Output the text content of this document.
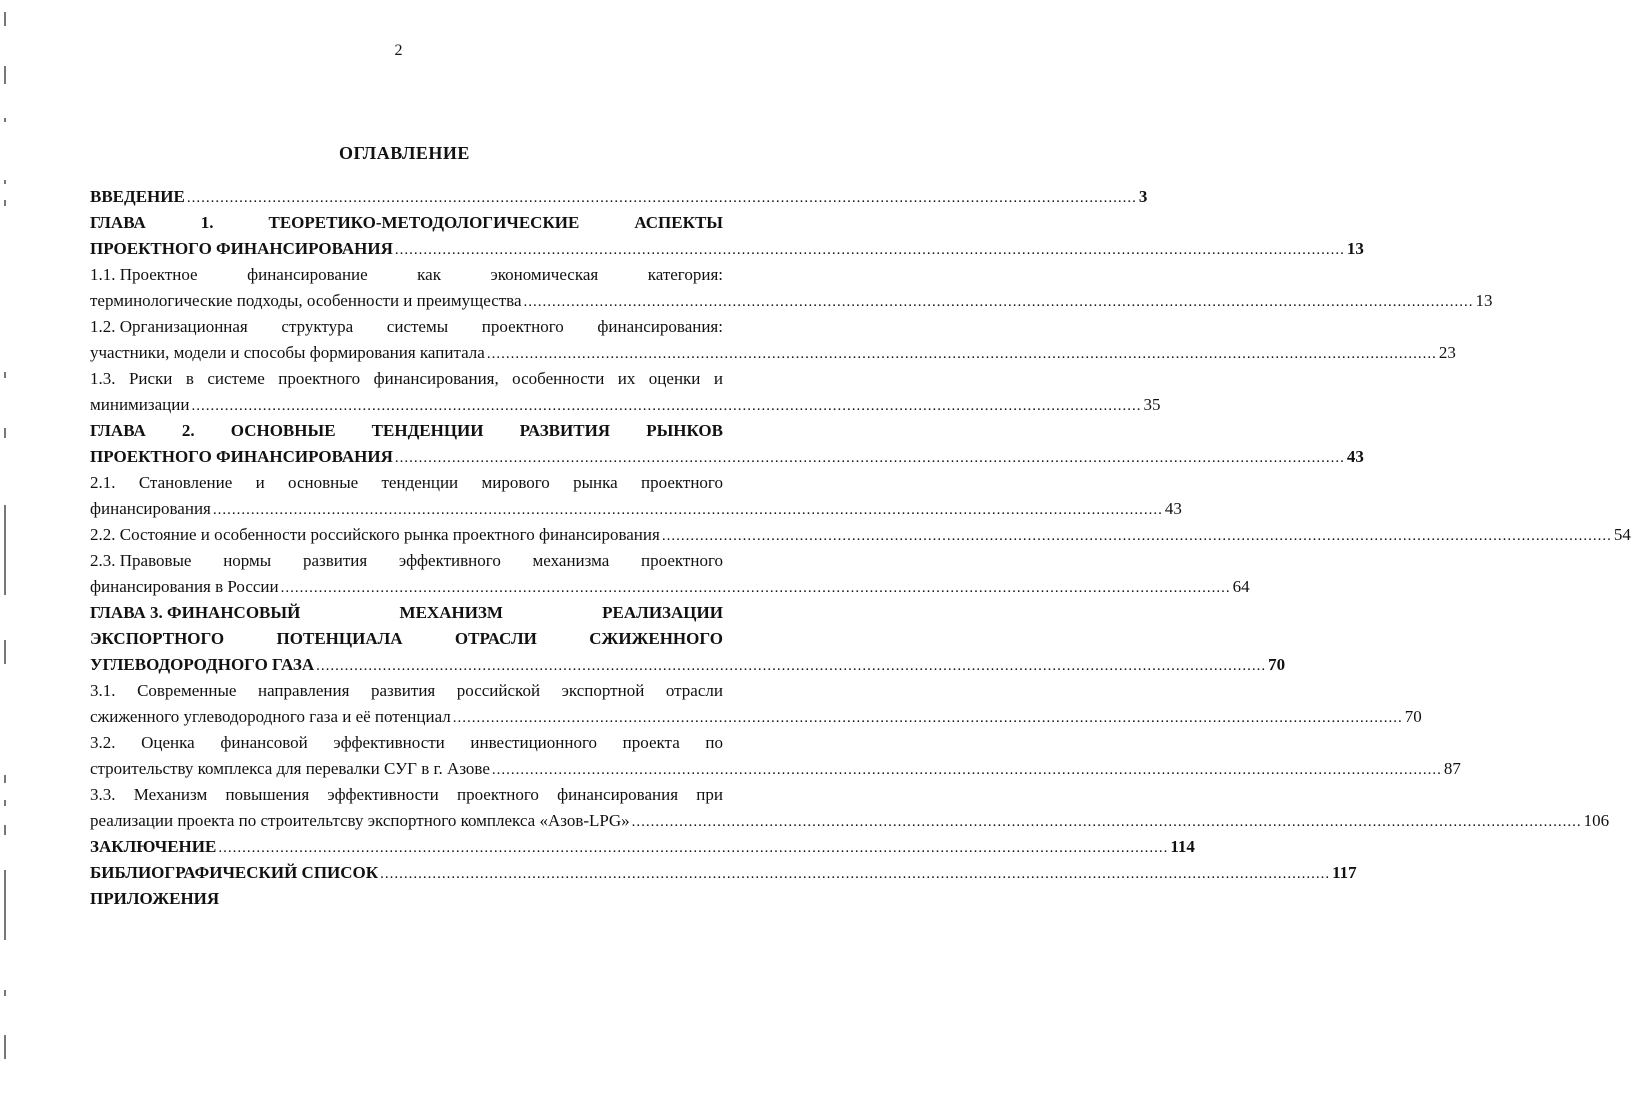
2
ОГЛАВЛЕНИЕ
ВВЕДЕНИЕ ........................................................................................................................................................................................................ 3
ГЛАВА	1.	ТЕОРЕТИКО-МЕТОДОЛОГИЧЕСКИЕ	АСПЕКТЫ
ПРОЕКТНОГО ФИНАНСИРОВАНИЯ ........................................................................................................................................................................................................ 13
1.1. Проектное	финансирование	как	экономическая	категория:
терминологические подходы, особенности и преимущества ........................................................................................................................................................................................................ 13
1.2. Организационная структура системы проектного финансирования:
участники, модели и способы формирования капитала ........................................................................................................................................................................................................ 23
1.3. Риски в системе проектного финансирования, особенности их оценки и
минимизации ........................................................................................................................................................................................................ 35
ГЛАВА 2. ОСНОВНЫЕ ТЕНДЕНЦИИ РАЗВИТИЯ РЫНКОВ
ПРОЕКТНОГО ФИНАНСИРОВАНИЯ ........................................................................................................................................................................................................ 43
2.1. Становление и основные тенденции мирового рынка проектного
финансирования ........................................................................................................................................................................................................ 43
2.2. Состояние и особенности российского рынка проектного финансирования ........................................................................................................................................................................................................ 54
2.3. Правовые нормы развития эффективного механизма проектного
финансирования в России ........................................................................................................................................................................................................ 64
ГЛАВА 3. ФИНАНСОВЫЙ	МЕХАНИЗМ	РЕАЛИЗАЦИИ
ЭКСПОРТНОГО	ПОТЕНЦИАЛА	ОТРАСЛИ	СЖИЖЕННОГО
УГЛЕВОДОРОДНОГО ГАЗА ........................................................................................................................................................................................................ 70
3.1. Современные направления развития российской экспортной отрасли
сжиженного углеводородного газа и её потенциал ........................................................................................................................................................................................................ 70
3.2. Оценка финансовой эффективности инвестиционного проекта по
строительству комплекса для перевалки СУГ в г. Азове ........................................................................................................................................................................................................ 87
3.3. Механизм повышения эффективности проектного финансирования при
реализации проекта по строительтсву экспортного комплекса «Азов-LPG» ........................................................................................................................................................................................................ 106
ЗАКЛЮЧЕНИЕ ........................................................................................................................................................................................................ 114
БИБЛИОГРАФИЧЕСКИЙ СПИСОК ........................................................................................................................................................................................................ 117
ПРИЛОЖЕНИЯ
